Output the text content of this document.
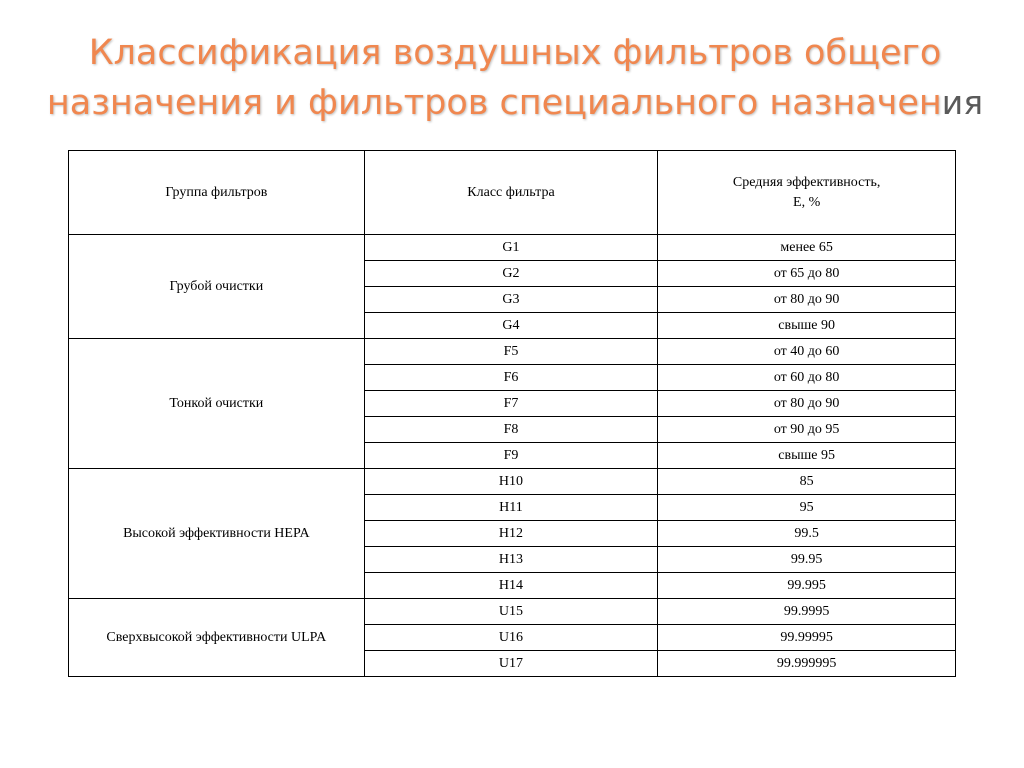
Классификация воздушных фильтров общего
назначения и фильтров специального назначения
Группа фильтров	Класс фильтра	Средняя эффективность,
E, %
Грубой очистки	G1	менее 65
	G2	от 65 до 80
	G3	от 80 до 90
	G4	свыше 90
Тонкой очистки	F5	от 40 до 60
	F6	от 60 до 80
	F7	от 80 до 90
	F8	от 90 до 95
	F9	свыше 95
Высокой эффективности HEPA	H10	85
	H11	95
	H12	99.5
	H13	99.95
	H14	99.995
Сверхвысокой эффективности ULPA	U15	99.9995
	U16	99.99995
	U17	99.999995
